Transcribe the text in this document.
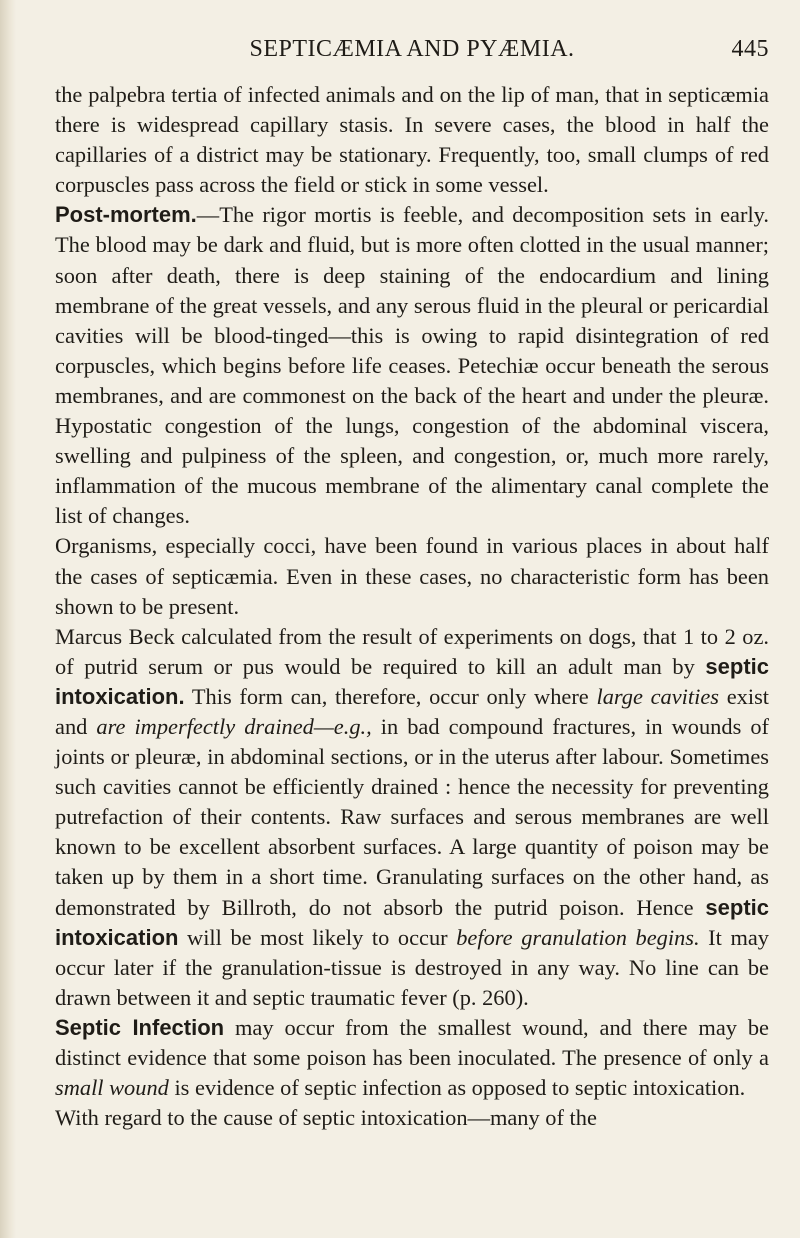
SEPTICÆMIA AND PYÆMIA.	445

the palpebra tertia of infected animals and on the lip of man, that in septicæmia there is widespread capillary stasis. In severe cases, the blood in half the capillaries of a district may be stationary. Frequently, too, small clumps of red corpuscles pass across the field or stick in some vessel.

Post-mortem.—The rigor mortis is feeble, and decomposition sets in early. The blood may be dark and fluid, but is more often clotted in the usual manner; soon after death, there is deep staining of the endocardium and lining membrane of the great vessels, and any serous fluid in the pleural or pericardial cavities will be blood-tinged—this is owing to rapid disintegration of red corpuscles, which begins before life ceases. Petechiæ occur beneath the serous membranes, and are commonest on the back of the heart and under the pleuræ. Hypostatic congestion of the lungs, congestion of the abdominal viscera, swelling and pulpiness of the spleen, and congestion, or, much more rarely, inflammation of the mucous membrane of the alimentary canal complete the list of changes.

Organisms, especially cocci, have been found in various places in about half the cases of septicæmia. Even in these cases, no characteristic form has been shown to be present.

Marcus Beck calculated from the result of experiments on dogs, that 1 to 2 oz. of putrid serum or pus would be required to kill an adult man by septic intoxication. This form can, therefore, occur only where large cavities exist and are imperfectly drained—e.g., in bad compound fractures, in wounds of joints or pleuræ, in abdominal sections, or in the uterus after labour. Sometimes such cavities cannot be efficiently drained : hence the necessity for preventing putrefaction of their contents. Raw surfaces and serous membranes are well known to be excellent absorbent surfaces. A large quantity of poison may be taken up by them in a short time. Granulating surfaces on the other hand, as demonstrated by Billroth, do not absorb the putrid poison. Hence septic intoxication will be most likely to occur before granulation begins. It may occur later if the granulation-tissue is destroyed in any way. No line can be drawn between it and septic traumatic fever (p. 260).

Septic Infection may occur from the smallest wound, and there may be distinct evidence that some poison has been inoculated. The presence of only a small wound is evidence of septic infection as opposed to septic intoxication.

With regard to the cause of septic intoxication—many of the
